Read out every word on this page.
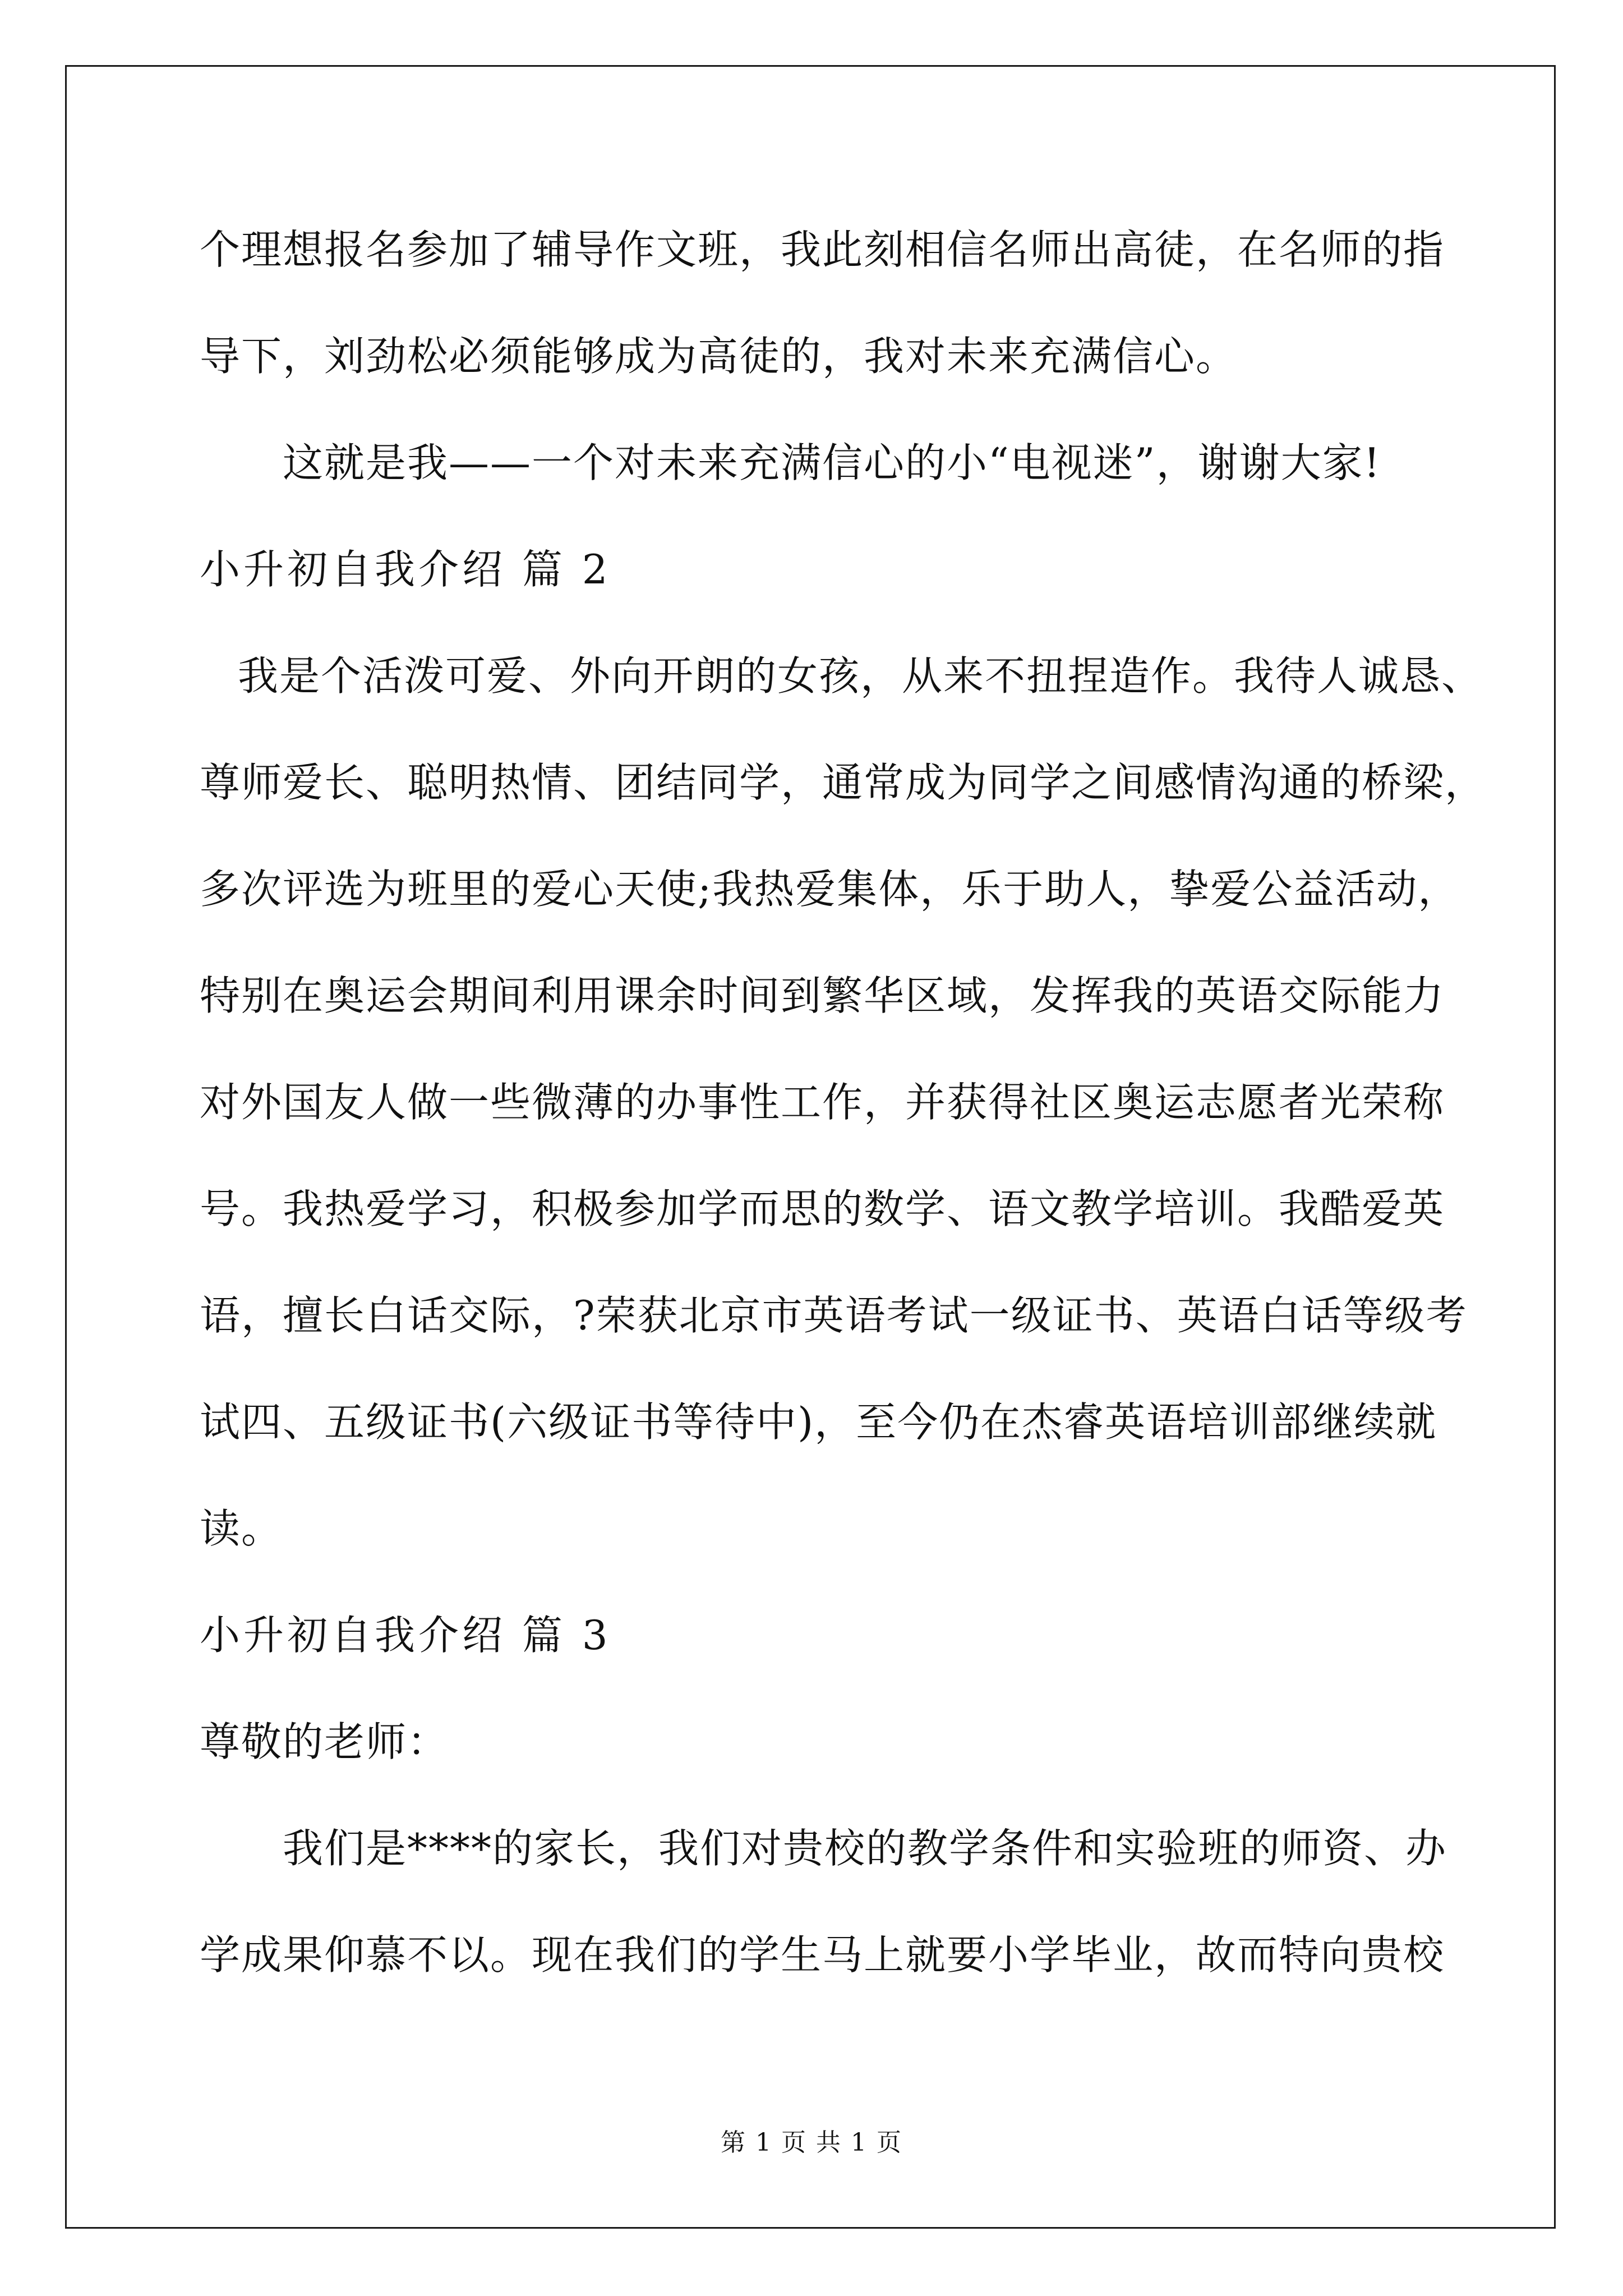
个理想报名参加了辅导作文班，我此刻相信名师出高徒，在名师的指
导下，刘劲松必须能够成为高徒的，我对未来充满信心。
这就是我——一个对未来充满信心的小“电视迷”，谢谢大家!
小升初自我介绍 篇 2
我是个活泼可爱、外向开朗的女孩，从来不扭捏造作。我待人诚恳、
尊师爱长、聪明热情、团结同学，通常成为同学之间感情沟通的桥梁，
多次评选为班里的爱心天使;我热爱集体，乐于助人，挚爱公益活动，
特别在奥运会期间利用课余时间到繁华区域，发挥我的英语交际能力
对外国友人做一些微薄的办事性工作，并获得社区奥运志愿者光荣称
号。我热爱学习，积极参加学而思的数学、语文教学培训。我酷爱英
语，擅长白话交际，?荣获北京市英语考试一级证书、英语白话等级考
试四、五级证书(六级证书等待中)，至今仍在杰睿英语培训部继续就
读。
小升初自我介绍 篇 3
尊敬的老师：
我们是****的家长，我们对贵校的教学条件和实验班的师资、办
学成果仰慕不以。现在我们的学生马上就要小学毕业，故而特向贵校
第 1 页 共 1 页
